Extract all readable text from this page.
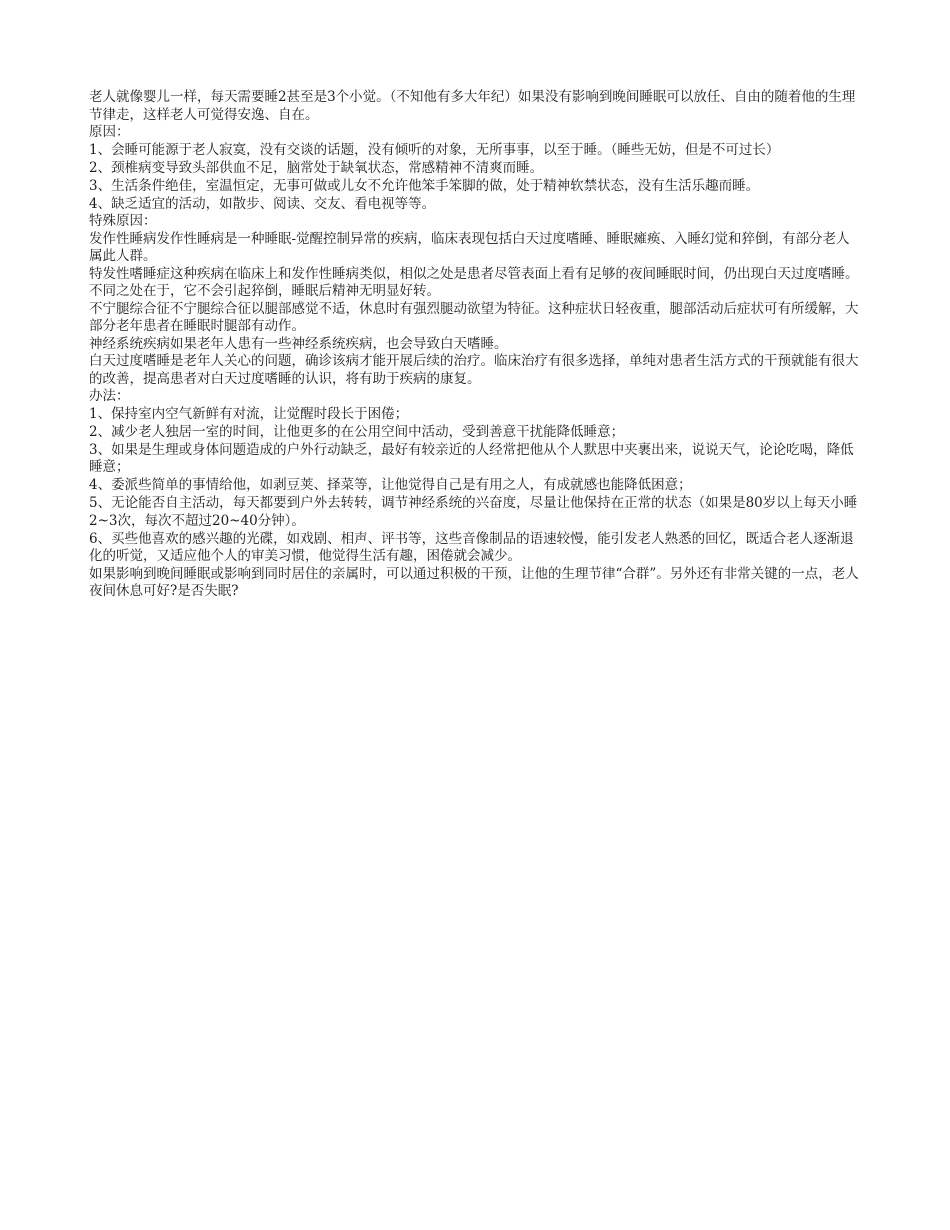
老人就像婴儿一样，每天需要睡2甚至是3个小觉。（不知他有多大年纪）如果没有影响到晚间睡眠可以放任、自由的随着他的生理节律走，这样老人可觉得安逸、自在。

原因：

1、会睡可能源于老人寂寞，没有交谈的话题，没有倾听的对象，无所事事，以至于睡。（睡些无妨，但是不可过长）

2、颈椎病变导致头部供血不足，脑常处于缺氧状态，常感精神不清爽而睡。

3、生活条件绝佳，室温恒定，无事可做或儿女不允许他笨手笨脚的做，处于精神软禁状态，没有生活乐趣而睡。

4、缺乏适宜的活动，如散步、阅读、交友、看电视等等。

特殊原因：

发作性睡病发作性睡病是一种睡眠-觉醒控制异常的疾病，临床表现包括白天过度嗜睡、睡眠瘫痪、入睡幻觉和猝倒，有部分老人属此人群。

特发性嗜睡症这种疾病在临床上和发作性睡病类似，相似之处是患者尽管表面上看有足够的夜间睡眠时间，仍出现白天过度嗜睡。不同之处在于，它不会引起猝倒，睡眠后精神无明显好转。

不宁腿综合征不宁腿综合征以腿部感觉不适，休息时有强烈腿动欲望为特征。这种症状日轻夜重，腿部活动后症状可有所缓解，大部分老年患者在睡眠时腿部有动作。

神经系统疾病如果老年人患有一些神经系统疾病，也会导致白天嗜睡。

白天过度嗜睡是老年人关心的问题，确诊该病才能开展后续的治疗。临床治疗有很多选择，单纯对患者生活方式的干预就能有很大的改善，提高患者对白天过度嗜睡的认识，将有助于疾病的康复。

办法：

1、保持室内空气新鲜有对流，让觉醒时段长于困倦；

2、减少老人独居一室的时间，让他更多的在公用空间中活动，受到善意干扰能降低睡意；

3、如果是生理或身体问题造成的户外行动缺乏，最好有较亲近的人经常把他从个人默思中夹裹出来，说说天气，论论吃喝，降低睡意；

4、委派些简单的事情给他，如剥豆荚、择菜等，让他觉得自己是有用之人，有成就感也能降低困意；

5、无论能否自主活动，每天都要到户外去转转，调节神经系统的兴奋度，尽量让他保持在正常的状态（如果是80岁以上每天小睡2~3次，每次不超过20~40分钟）。

6、买些他喜欢的感兴趣的光碟，如戏剧、相声、评书等，这些音像制品的语速较慢，能引发老人熟悉的回忆，既适合老人逐渐退化的听觉，又适应他个人的审美习惯，他觉得生活有趣，困倦就会减少。

如果影响到晚间睡眠或影响到同时居住的亲属时，可以通过积极的干预，让他的生理节律“合群”。另外还有非常关键的一点，老人夜间休息可好?是否失眠?
